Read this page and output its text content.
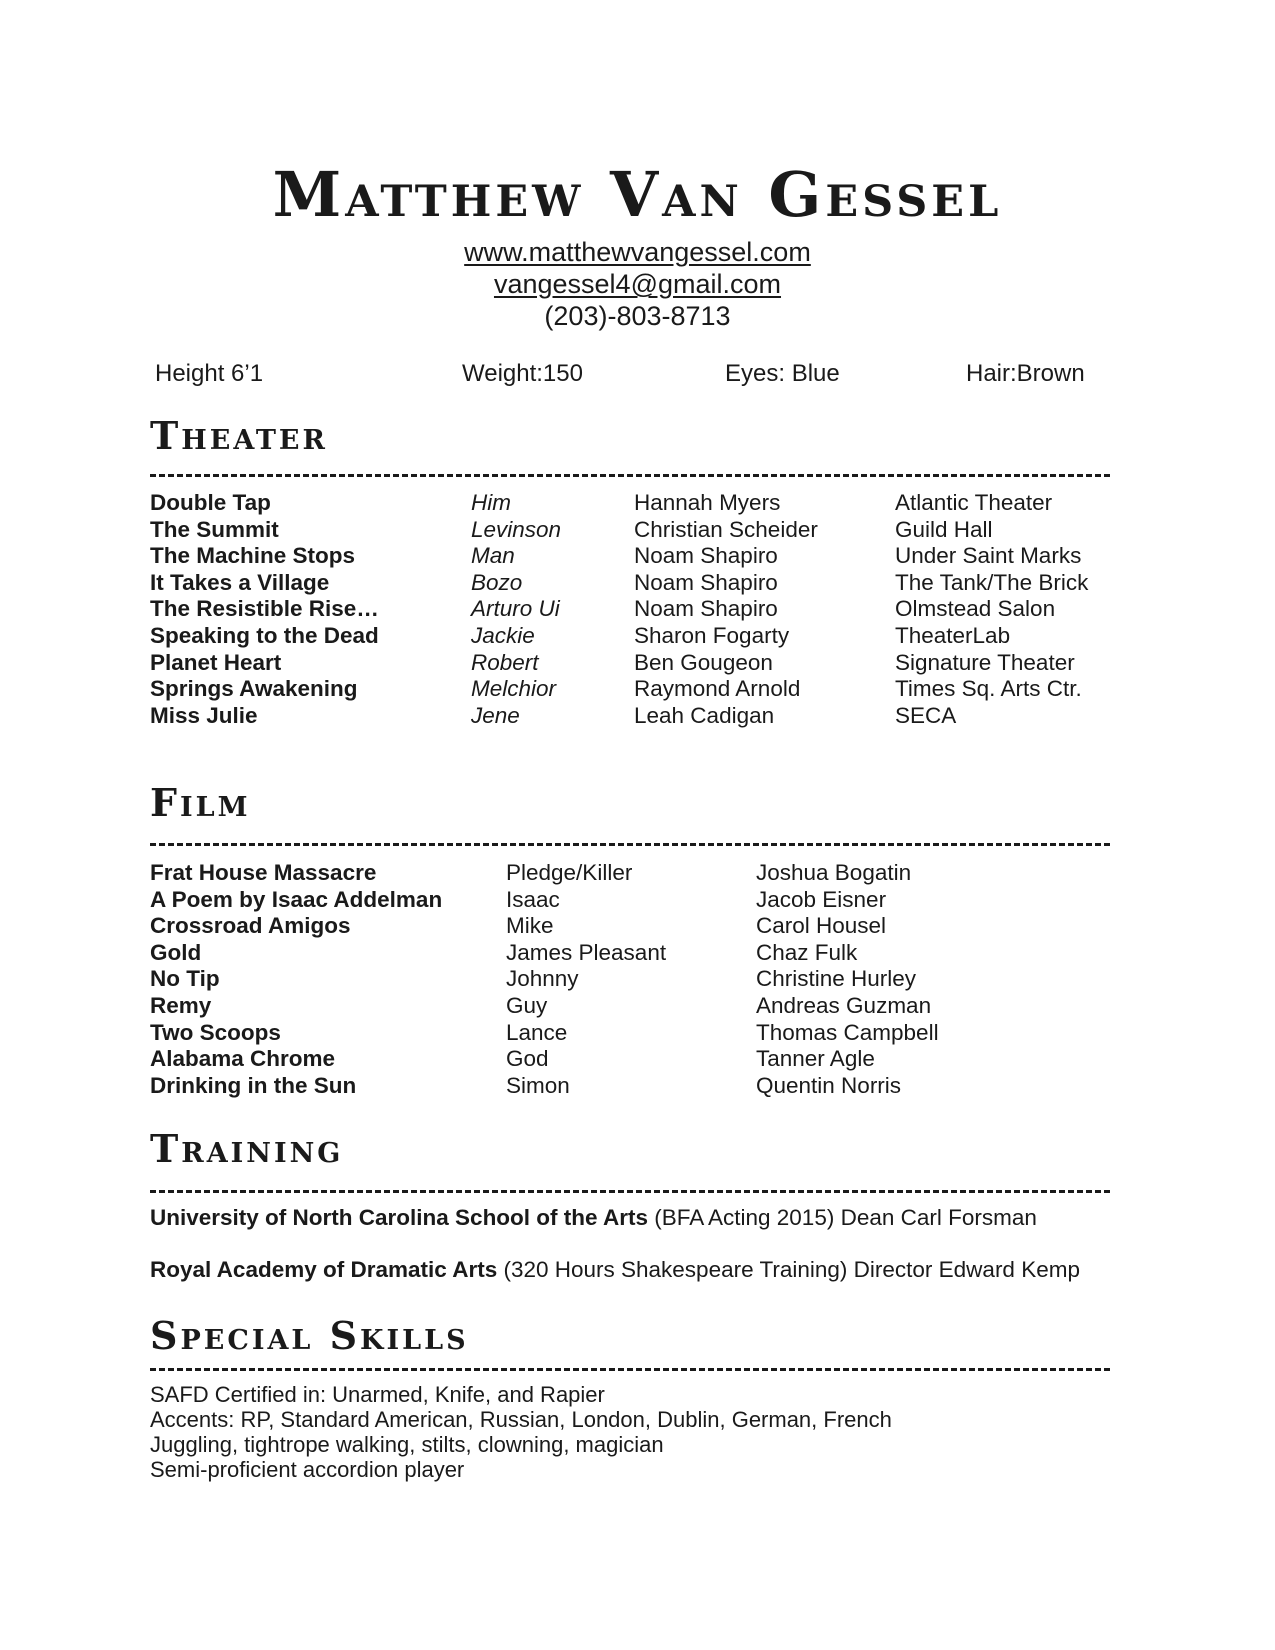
Matthew Van Gessel
www.matthewvangessel.com
vangessel4@gmail.com
(203)-803-8713
Height 6’1	Weight:150	Eyes: Blue	Hair:Brown
Theater
Double Tap	Him	Hannah Myers	Atlantic Theater
The Summit	Levinson	Christian Scheider	Guild Hall
The Machine Stops	Man	Noam Shapiro	Under Saint Marks
It Takes a Village	Bozo	Noam Shapiro	The Tank/The Brick
The Resistible Rise…	Arturo Ui	Noam Shapiro	Olmstead Salon
Speaking to the Dead	Jackie	Sharon Fogarty	TheaterLab
Planet Heart	Robert	Ben Gougeon	Signature Theater
Springs Awakening	Melchior	Raymond Arnold	Times Sq. Arts Ctr.
Miss Julie	Jene	Leah Cadigan	SECA
Film
Frat House Massacre	Pledge/Killer	Joshua Bogatin
A Poem by Isaac Addelman	Isaac	Jacob Eisner
Crossroad Amigos	Mike	Carol Housel
Gold	James Pleasant	Chaz Fulk
No Tip	Johnny	Christine Hurley
Remy	Guy	Andreas Guzman
Two Scoops	Lance	Thomas Campbell
Alabama Chrome	God	Tanner Agle
Drinking in the Sun	Simon	Quentin Norris
Training
University of North Carolina School of the Arts (BFA Acting 2015) Dean Carl Forsman
Royal Academy of Dramatic Arts (320 Hours Shakespeare Training) Director Edward Kemp
Special Skills
SAFD Certified in: Unarmed, Knife, and Rapier
Accents: RP, Standard American, Russian, London, Dublin, German, French
Juggling, tightrope walking, stilts, clowning, magician
Semi-proficient accordion player
